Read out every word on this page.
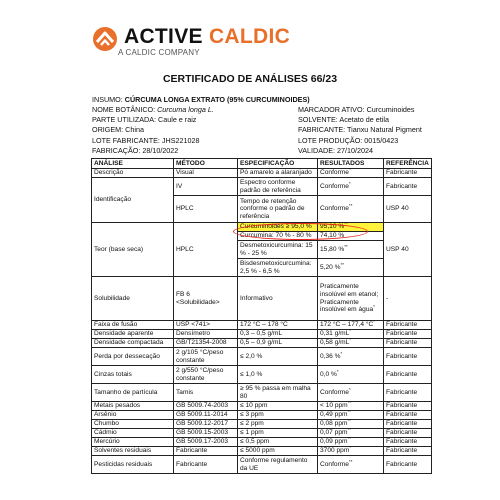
ACTIVE CALDIC
A CALDIC COMPANY
CERTIFICADO DE ANÁLISES 66/23
INSUMO: CÚRCUMA LONGA EXTRATO (95% CURCUMINOIDES)
NOME BOTÂNICO: Curcuma longa L.	MARCADOR ATIVO: Curcuminoides
PARTE UTILIZADA: Caule e raiz	SOLVENTE: Acetato de etila
ORIGEM: China	FABRICANTE: Tianxu Natural Pigment
LOTE FABRICANTE: JHS221028	LOTE PRODUÇÃO: 0015/0423
FABRICAÇÃO: 28/10/2022	VALIDADE: 27/10/2024
ANÁLISE	MÉTODO	ESPECIFICAÇÃO	RESULTADOS	REFERÊNCIA
Descrição	Visual	Pó amarelo a alaranjado	Conforme*	Fabricante
Identificação	IV	Espectro conforme padrão de referência	Conforme*	Fabricante
	HPLC	Tempo de retenção conforme o padrão de referência	Conforme**	USP 40
Teor (base seca)	HPLC	Curcuminoides ≥ 95,0 %	95,10 %**	USP 40
		Curcumina: 70 % - 80 %	74,10 %	
		Desmetoxicurcumina: 15 % - 25 %	15,80 %**
		Bisdesmetoxicurcumina: 2,5 % - 6,5 %	5,20 %**
Solubilidade	FB 6 <Solubilidade>	Informativo	Praticamente insolúvel em etanol; Praticamente insolúvel em água*	-
Faixa de fusão	USP <741>	172 °C – 178 °C	172 °C – 177,4 °C*	Fabricante
Densidade aparente	Densímetro	0,3 – 0,5 g/mL	0,31 g/mL*	Fabricante
Densidade compactada	GB/T21354-2008	0,5 – 0,9 g/mL	0,58 g/mL*	Fabricante
Perda por dessecação	2 g/105 °C/peso constante	≤ 2,0 %	0,36 %*	Fabricante
Cinzas totais	2 g/550 °C/peso constante	≤ 1,0 %	0,0 %*	Fabricante
Tamanho de partícula	Tamis	≥ 95 % passa em malha 80	Conforme*	Fabricante
Metais pesados	GB 5009.74-2003	≤ 10 ppm	< 10 ppm**	Fabricante
Arsênio	GB 5009.11-2014	≤ 3 ppm	0,49 ppm**	Fabricante
Chumbo	GB 5009.12-2017	≤ 2 ppm	0,08 ppm**	Fabricante
Cádmio	GB 5009.15-2003	≤ 1 ppm	0,07 ppm**	Fabricante
Mercúrio	GB 5009.17-2003	≤ 0,5 ppm	0,09 ppm**	Fabricante
Solventes residuais	Fabricante	≤ 5000 ppm	3700 ppm*	Fabricante
Pesticidas residuais	Fabricante	Conforme regulamento da UE	Conforme**	Fabricante
